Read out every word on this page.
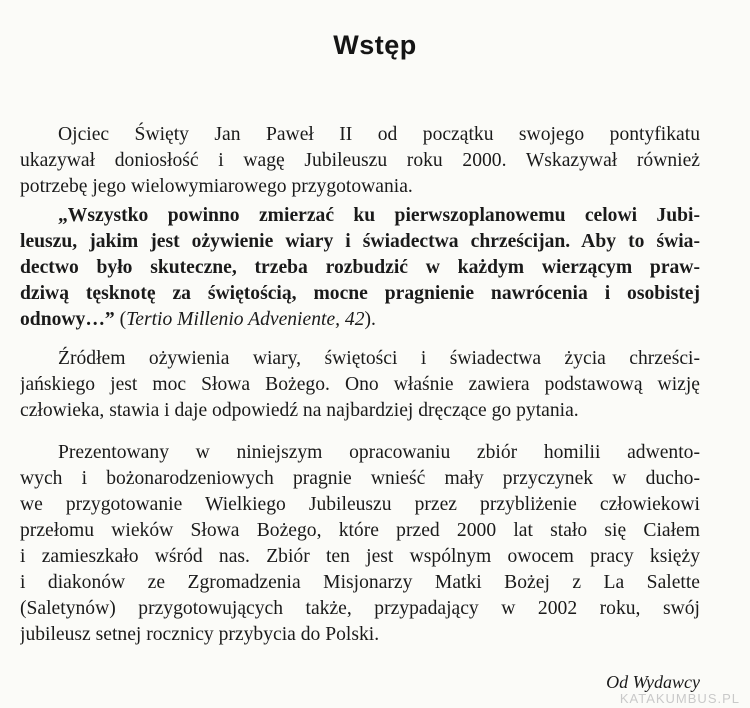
Wstęp
Ojciec Święty Jan Paweł II od początku swojego pontyfikatu
ukazywał doniosłość i wagę Jubileuszu roku 2000. Wskazywał również
potrzebę jego wielowymiarowego przygotowania.
„Wszystko powinno zmierzać ku pierwszoplanowemu celowi Jubi-
leuszu, jakim jest ożywienie wiary i świadectwa chrześcijan. Aby to świa-
dectwo było skuteczne, trzeba rozbudzić w każdym wierzącym praw-
dziwą tęsknotę za świętością, mocne pragnienie nawrócenia i osobistej
odnowy…” (Tertio Millenio Adveniente, 42).
Źródłem ożywienia wiary, świętości i świadectwa życia chrześci-
jańskiego jest moc Słowa Bożego. Ono właśnie zawiera podstawową wizję
człowieka, stawia i daje odpowiedź na najbardziej dręczące go pytania.
Prezentowany w niniejszym opracowaniu zbiór homilii adwento-
wych i bożonarodzeniowych pragnie wnieść mały przyczynek w ducho-
we przygotowanie Wielkiego Jubileuszu przez przybliżenie człowiekowi
przełomu wieków Słowa Bożego, które przed 2000 lat stało się Ciałem
i zamieszkało wśród nas. Zbiór ten jest wspólnym owocem pracy księży
i diakonów ze Zgromadzenia Misjonarzy Matki Bożej z La Salette
(Saletynów) przygotowujących także, przypadający w 2002 roku, swój
jubileusz setnej rocznicy przybycia do Polski.
Od Wydawcy
KATAKUMBUS.PL
